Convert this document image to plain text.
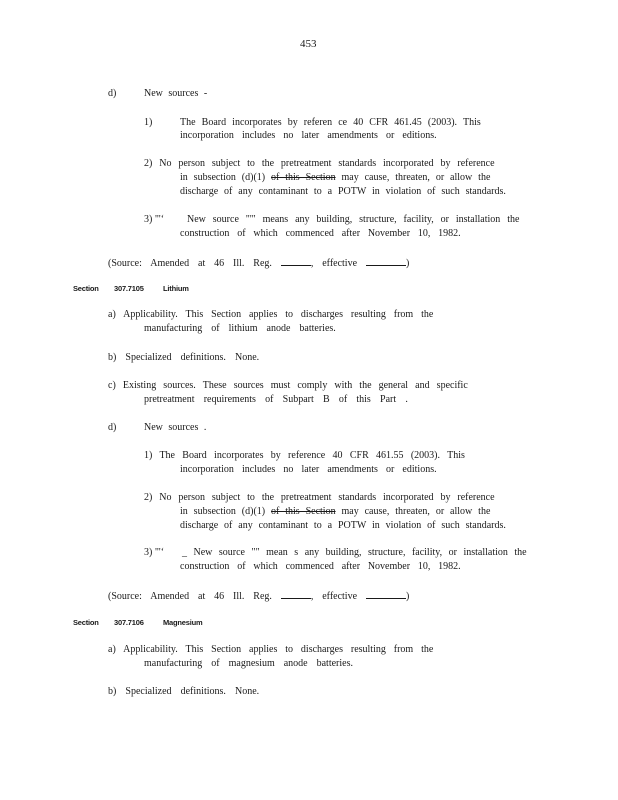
453
d)	New sources -
1)	The Board incorporates by referen ce 40 CFR 461.45 (2003). This
incorporation includes no later amendments or editions.
2) No person subject to the pretreatment standards incorporated by reference
in subsection (d)(1) of this Section may cause, threaten, or allow the
discharge of any contaminant to a POTW in violation of such standards.
3) "'‘ New source "'" means any building, structure, facility, or installation the
construction of which commenced after November 10, 1982.
(Source: Amended at 46 Ill. Reg.	, effective	)
Section 307.7105	Lithium
a) Applicability. This Section applies to discharges resulting from the
manufacturing of lithium anode batteries.
b) Specialized definitions. None.
c) Existing sources. These sources must comply with the general and specific
pretreatment requirements of Subpart B of this Part .
d)	New sources .
1) The Board incorporates by reference 40 CFR 461.55 (2003). This
incorporation includes no later amendments or editions.
2) No person subject to the pretreatment standards incorporated by reference
in subsection (d)(1) of this Section may cause, threaten, or allow the
discharge of any contaminant to a POTW in violation of such standards.
3) "'‘ _ New source "" mean s any building, structure, facility, or installation the
construction of which commenced after November 10, 1982.
(Source: Amended at 46 Ill. Reg.	, effective	)
Section 307.7106	Magnesium
a) Applicability. This Section applies to discharges resulting from the
manufacturing of magnesium anode batteries.
b) Specialized definitions. None.
